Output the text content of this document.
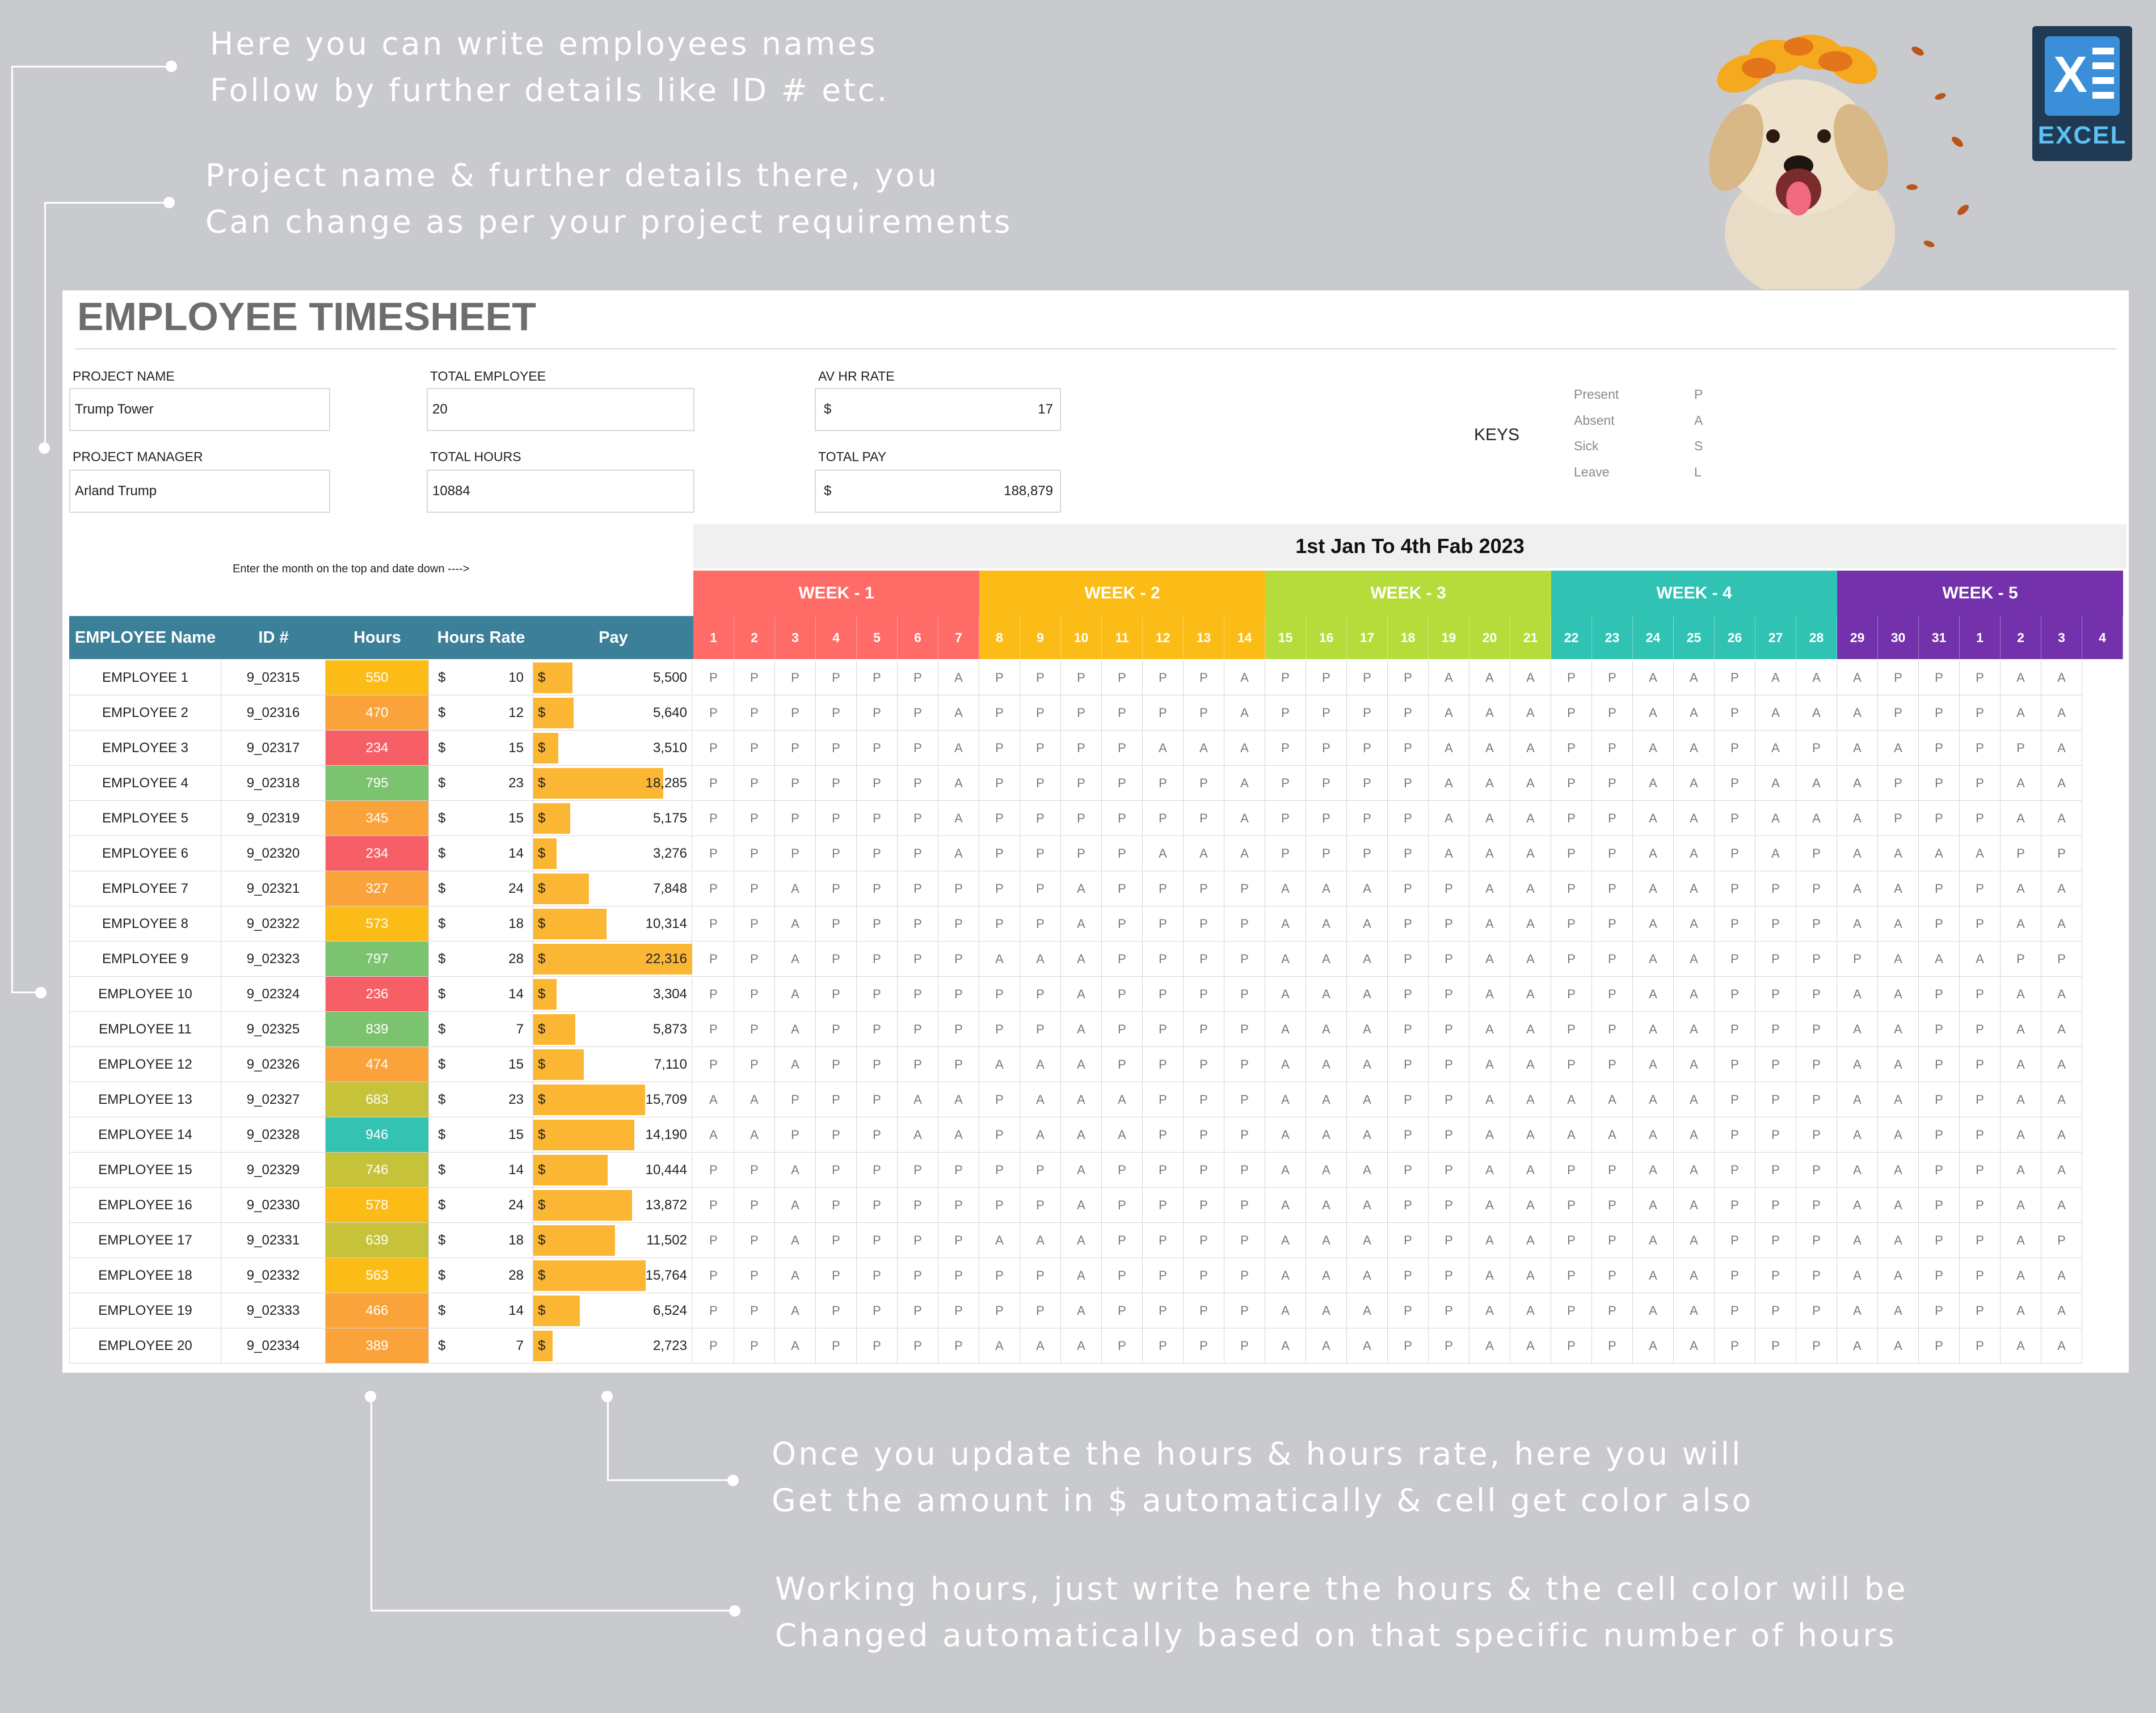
Here you can write employees names
Follow by further details like ID # etc.
Project name & further details there, you
Can change as per your project requirements
Once you update the hours & hours rate, here you will
Get the amount in $ automatically & cell get color also
Working hours, just write here the hours & the cell color will be
Changed automatically based on that specific number of hours
X
EXCEL
EMPLOYEE TIMESHEET
PROJECT NAME
Trump Tower
PROJECT MANAGER
Arland Trump
TOTAL EMPLOYEE
20
TOTAL HOURS
10884
AV HR RATE
$	17
TOTAL PAY
$	188,879
KEYS
Present	P
Absent	A
Sick	S
Leave	L
Enter the month on the top and date down ---->
1st Jan To 4th Fab 2023
WEEK - 1	WEEK - 2	WEEK - 3	WEEK - 4	WEEK - 5
EMPLOYEE Name	ID #	Hours	Hours Rate	Pay	1	2	3	4	5	6	7	8	9	10	11	12	13	14	15	16	17	18	19	20	21	22	23	24	25	26	27	28	29	30	31	1	2	3	4
EMPLOYEE 1	9_02315	550	$	10 $	5,500	P	P	P	P	P	P	A	P	P	P	P	P	P	A	P	P	P	P	A	A	A	P	P	A	A	P	A	A	A	P	P	P	A	A
EMPLOYEE 2	9_02316	470	$	12 $	5,640	P	P	P	P	P	P	A	P	P	P	P	P	P	A	P	P	P	P	A	A	A	P	P	A	A	P	A	A	A	P	P	P	A	A
EMPLOYEE 3	9_02317	234	$	15 $	3,510	P	P	P	P	P	P	A	P	P	P	P	A	A	A	P	P	P	P	A	A	A	P	P	A	A	P	A	P	A	A	P	P	P	A
EMPLOYEE 4	9_02318	795	$	23 $	18,285	P	P	P	P	P	P	A	P	P	P	P	P	P	A	P	P	P	P	A	A	A	P	P	A	A	P	A	A	A	P	P	P	A	A
EMPLOYEE 5	9_02319	345	$	15 $	5,175	P	P	P	P	P	P	A	P	P	P	P	P	P	A	P	P	P	P	A	A	A	P	P	A	A	P	A	A	A	P	P	P	A	A
EMPLOYEE 6	9_02320	234	$	14 $	3,276	P	P	P	P	P	P	A	P	P	P	P	A	A	A	P	P	P	P	A	A	A	P	P	A	A	P	A	P	A	A	A	A	P	P
EMPLOYEE 7	9_02321	327	$	24 $	7,848	P	P	A	P	P	P	P	P	P	A	P	P	P	P	A	A	A	P	P	A	A	P	P	A	A	P	P	P	A	A	P	P	A	A
EMPLOYEE 8	9_02322	573	$	18 $	10,314	P	P	A	P	P	P	P	P	P	A	P	P	P	P	A	A	A	P	P	A	A	P	P	A	A	P	P	P	A	A	P	P	A	A
EMPLOYEE 9	9_02323	797	$	28 $	22,316	P	P	A	P	P	P	P	A	A	A	P	P	P	P	A	A	A	P	P	A	A	P	P	A	A	P	P	P	P	A	A	A	P	P
EMPLOYEE 10	9_02324	236	$	14 $	3,304	P	P	A	P	P	P	P	P	P	A	P	P	P	P	A	A	A	P	P	A	A	P	P	A	A	P	P	P	A	A	P	P	A	A
EMPLOYEE 11	9_02325	839	$	7 $	5,873	P	P	A	P	P	P	P	P	P	A	P	P	P	P	A	A	A	P	P	A	A	P	P	A	A	P	P	P	A	A	P	P	A	A
EMPLOYEE 12	9_02326	474	$	15 $	7,110	P	P	A	P	P	P	P	A	A	A	P	P	P	P	A	A	A	P	P	A	A	P	P	A	A	P	P	P	A	A	P	P	A	A
EMPLOYEE 13	9_02327	683	$	23 $	15,709	A	A	P	P	P	A	A	P	A	A	A	P	P	P	A	A	A	P	P	A	A	A	A	A	A	P	P	P	A	A	P	P	A	A
EMPLOYEE 14	9_02328	946	$	15 $	14,190	A	A	P	P	P	A	A	P	A	A	A	P	P	P	A	A	A	P	P	A	A	A	A	A	A	P	P	P	A	A	P	P	A	A
EMPLOYEE 15	9_02329	746	$	14 $	10,444	P	P	A	P	P	P	P	P	P	A	P	P	P	P	A	A	A	P	P	A	A	P	P	A	A	P	P	P	A	A	P	P	A	A
EMPLOYEE 16	9_02330	578	$	24 $	13,872	P	P	A	P	P	P	P	P	P	A	P	P	P	P	A	A	A	P	P	A	A	P	P	A	A	P	P	P	A	A	P	P	A	A
EMPLOYEE 17	9_02331	639	$	18 $	11,502	P	P	A	P	P	P	P	A	A	A	P	P	P	P	A	A	A	P	P	A	A	P	P	A	A	P	P	P	A	A	P	P	A	P
EMPLOYEE 18	9_02332	563	$	28 $	15,764	P	P	A	P	P	P	P	P	P	A	P	P	P	P	A	A	A	P	P	A	A	P	P	A	A	P	P	P	A	A	P	P	A	A
EMPLOYEE 19	9_02333	466	$	14 $	6,524	P	P	A	P	P	P	P	P	P	A	P	P	P	P	A	A	A	P	P	A	A	P	P	A	A	P	P	P	A	A	P	P	A	A
EMPLOYEE 20	9_02334	389	$	7 $	2,723	P	P	A	P	P	P	P	A	A	A	P	P	P	P	A	A	A	P	P	A	A	P	P	A	A	P	P	P	A	A	P	P	A	A
